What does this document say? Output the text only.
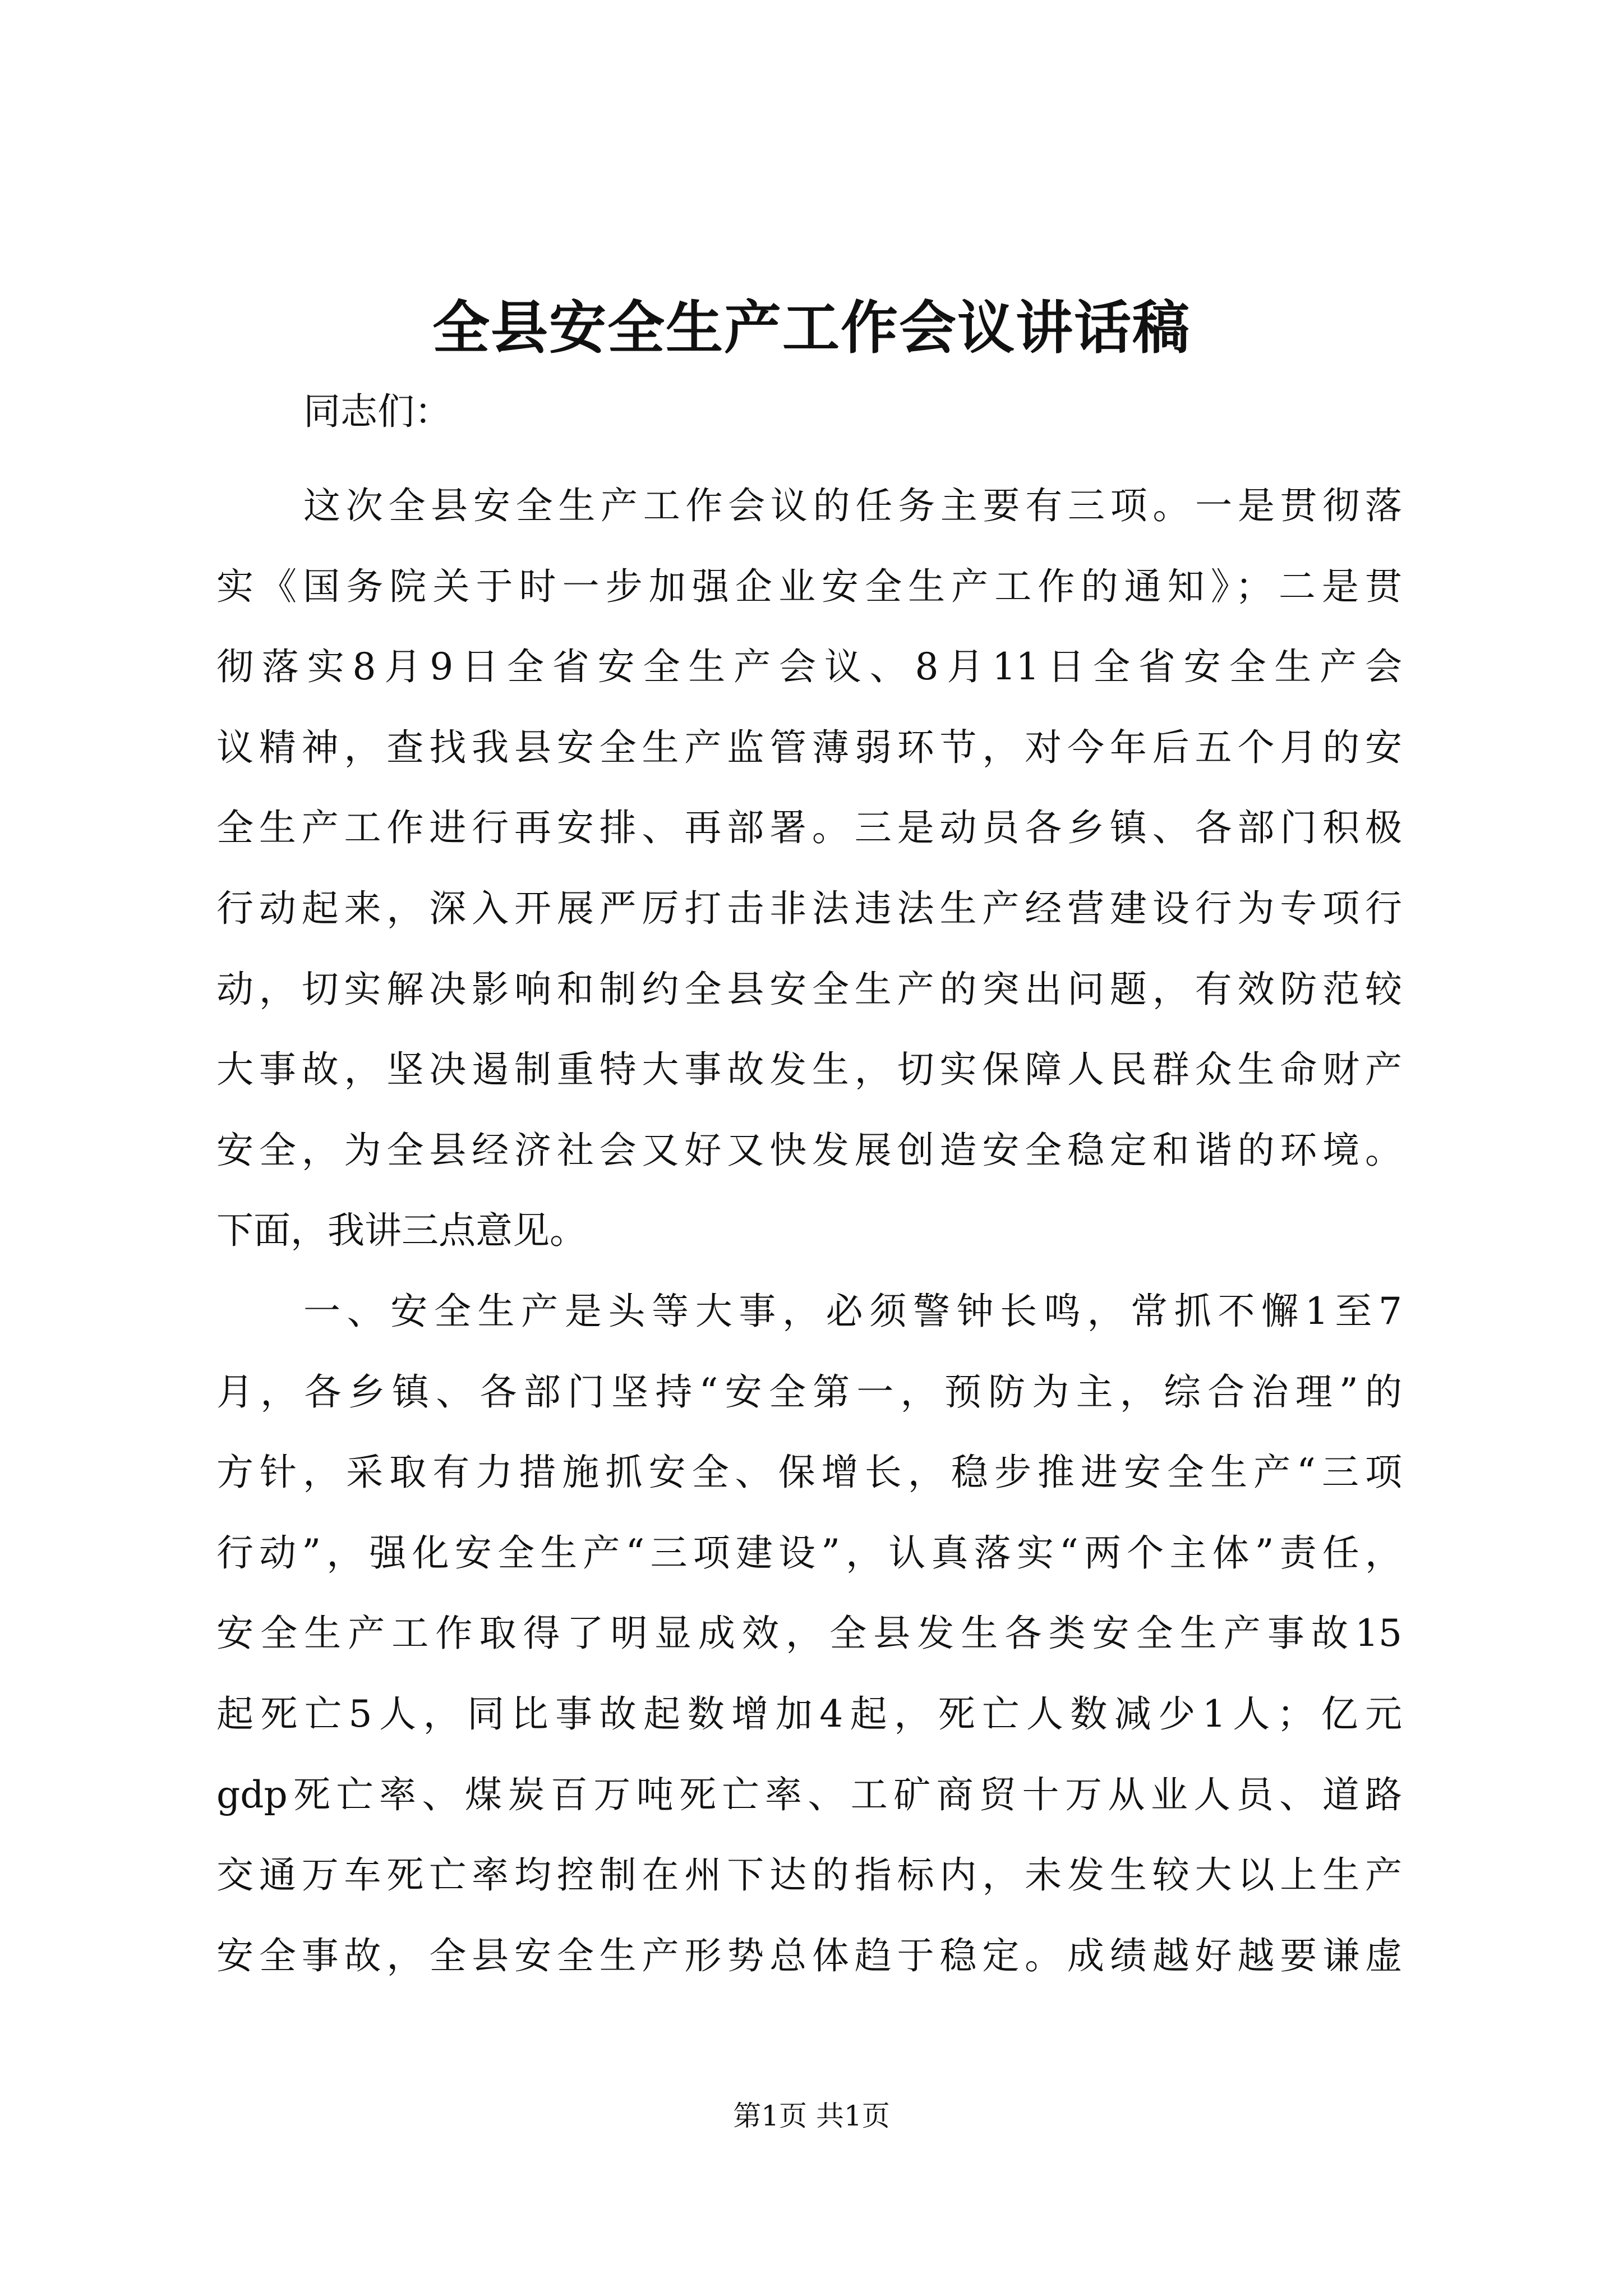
全县安全生产工作会议讲话稿
同志们：
这次全县安全生产工作会议的任务主要有三项。一是贯彻落
实《国务院关于时一步加强企业安全生产工作的通知》；二是贯
彻落实8月9日全省安全生产会议、8月11日全省安全生产会
议精神，查找我县安全生产监管薄弱环节，对今年后五个月的安
全生产工作进行再安排、再部署。三是动员各乡镇、各部门积极
行动起来，深入开展严厉打击非法违法生产经营建设行为专项行
动，切实解决影响和制约全县安全生产的突出问题，有效防范较
大事故，坚决遏制重特大事故发生，切实保障人民群众生命财产
安全，为全县经济社会又好又快发展创造安全稳定和谐的环境。
下面，我讲三点意见。
一、安全生产是头等大事，必须警钟长鸣，常抓不懈1至7
月，各乡镇、各部门坚持“安全第一，预防为主，综合治理”的
方针，采取有力措施抓安全、保增长，稳步推进安全生产“三项
行动”，强化安全生产“三项建设”，认真落实“两个主体”责任，
安全生产工作取得了明显成效，全县发生各类安全生产事故15
起死亡5人，同比事故起数增加4起，死亡人数减少1人；亿元
gdp死亡率、煤炭百万吨死亡率、工矿商贸十万从业人员、道路
交通万车死亡率均控制在州下达的指标内，未发生较大以上生产
安全事故，全县安全生产形势总体趋于稳定。成绩越好越要谦虚
第1页 共1页
